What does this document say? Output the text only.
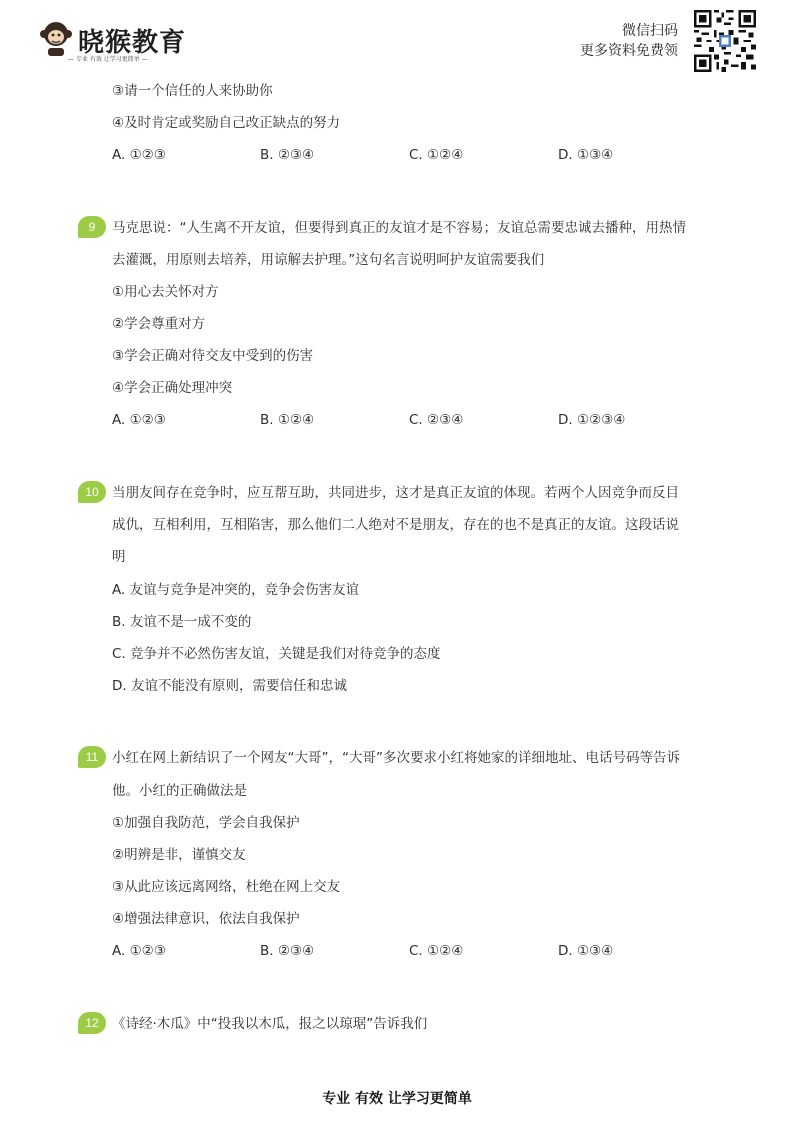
晓猴教育
— 专业 有效 让学习更简单 —
微信扫码
更多资料免费领
③请一个信任的人来协助你
④及时肯定或奖励自己改正缺点的努力
A. ①②③	B. ②③④	C. ①②④	D. ①③④
9	马克思说：“人生离不开友谊，但要得到真正的友谊才是不容易；友谊总需要忠诚去播种，用热情
去灌溉，用原则去培养，用谅解去护理。”这句名言说明呵护友谊需要我们
①用心去关怀对方
②学会尊重对方
③学会正确对待交友中受到的伤害
④学会正确处理冲突
A. ①②③	B. ①②④	C. ②③④	D. ①②③④
10 当朋友间存在竞争时，应互帮互助，共同进步，这才是真正友谊的体现。若两个人因竞争而反目
成仇，互相利用，互相陷害，那么他们二人绝对不是朋友，存在的也不是真正的友谊。这段话说
明
A. 友谊与竞争是冲突的，竞争会伤害友谊
B. 友谊不是一成不变的
C. 竞争并不必然伤害友谊，关键是我们对待竞争的态度
D. 友谊不能没有原则，需要信任和忠诚
11	小红在网上新结识了一个网友“大哥”，“大哥”多次要求小红将她家的详细地址、电话号码等告诉
他。小红的正确做法是
①加强自我防范，学会自我保护
②明辨是非，谨慎交友
③从此应该远离网络，杜绝在网上交友
④增强法律意识，依法自我保护
A. ①②③	B. ②③④	C. ①②④	D. ①③④
12 《诗经·木瓜》中“投我以木瓜，报之以琼琚”告诉我们
专业 有效 让学习更简单
